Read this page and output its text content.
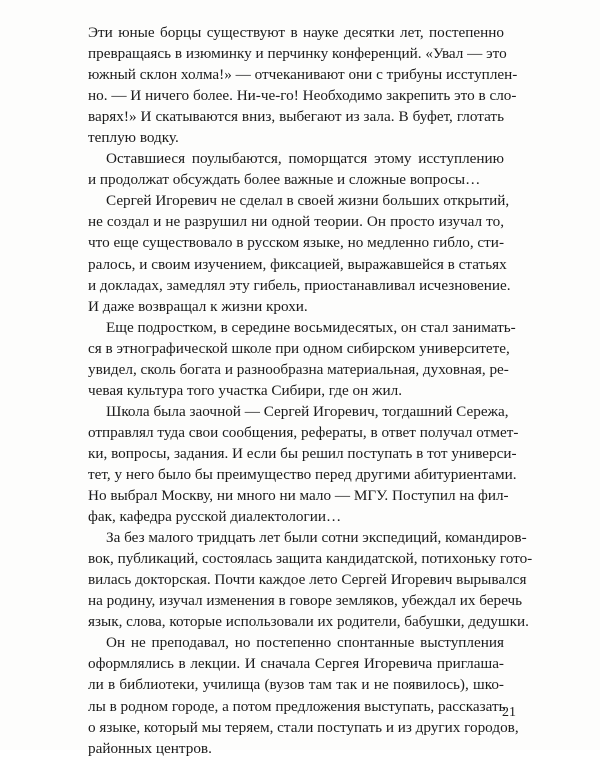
Эти юные борцы существуют в науке десятки лет, постепенно
превращаясь в изюминку и перчинку конференций. «Увал — это
южный склон холма!» — отчеканивают они с трибуны исступлен-
но. — И ничего более. Ни-че-го! Необходимо закрепить это в сло-
варях!» И скатываются вниз, выбегают из зала. В буфет, глотать
теплую водку.
Оставшиеся поулыбаются, поморщатся этому исступлению
и продолжат обсуждать более важные и сложные вопросы…
Сергей Игоревич не сделал в своей жизни больших открытий,
не создал и не разрушил ни одной теории. Он просто изучал то,
что еще существовало в русском языке, но медленно гибло, сти-
ралось, и своим изучением, фиксацией, выражавшейся в статьях
и докладах, замедлял эту гибель, приостанавливал исчезновение.
И даже возвращал к жизни крохи.
Еще подростком, в середине восьмидесятых, он стал занимать-
ся в этнографической школе при одном сибирском университете,
увидел, сколь богата и разнообразна материальная, духовная, ре-
чевая культура того участка Сибири, где он жил.
Школа была заочной — Сергей Игоревич, тогдашний Сережа,
отправлял туда свои сообщения, рефераты, в ответ получал отмет-
ки, вопросы, задания. И если бы решил поступать в тот универси-
тет, у него было бы преимущество перед другими абитуриентами.
Но выбрал Москву, ни много ни мало — МГУ. Поступил на фил-
фак, кафедра русской диалектологии…
За без малого тридцать лет были сотни экспедиций, командиров-
вок, публикаций, состоялась защита кандидатской, потихоньку гото-
вилась докторская. Почти каждое лето Сергей Игоревич вырывался
на родину, изучал изменения в говоре земляков, убеждал их беречь
язык, слова, которые использовали их родители, бабушки, дедушки.
Он не преподавал, но постепенно спонтанные выступления
оформлялись в лекции. И сначала Сергея Игоревича приглаша-
ли в библиотеки, училища (вузов там так и не появилось), шко-
лы в родном городе, а потом предложения выступать, рассказать
о языке, который мы теряем, стали поступать и из других городов,
районных центров.
21
